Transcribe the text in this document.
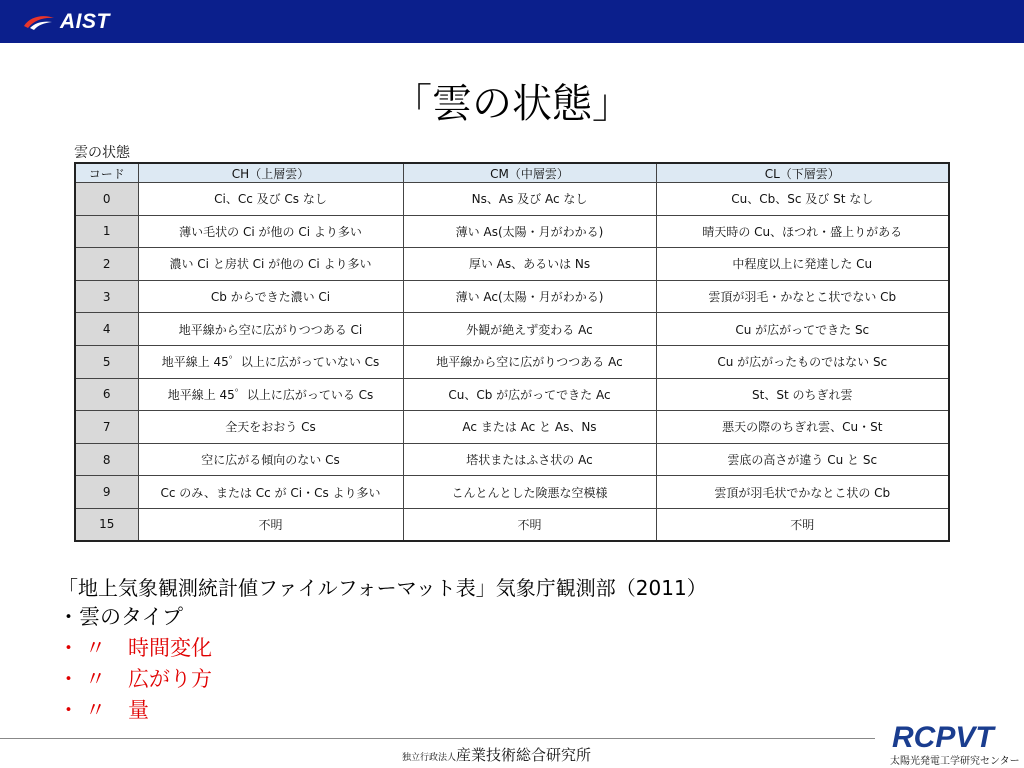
AIST
「雲の状態」
雲の状態
コード	CH（上層雲）	CM（中層雲）	CL（下層雲）
0	Ci、Cc 及び Cs なし	Ns、As 及び Ac なし	Cu、Cb、Sc 及び St なし
1	薄い毛状の Ci が他の Ci より多い	薄い As(太陽・月がわかる)	晴天時の Cu、ほつれ・盛上りがある
2	濃い Ci と房状 Ci が他の Ci より多い	厚い As、あるいは Ns	中程度以上に発達した Cu
3	Cb からできた濃い Ci	薄い Ac(太陽・月がわかる)	雲頂が羽毛・かなとこ状でない Cb
4	地平線から空に広がりつつある Ci	外観が絶えず変わる Ac	Cu が広がってできた Sc
5	地平線上 45゜以上に広がっていない Cs	地平線から空に広がりつつある Ac	Cu が広がったものではない Sc
6	地平線上 45゜以上に広がっている Cs	Cu、Cb が広がってできた Ac	St、St のちぎれ雲
7	全天をおおう Cs	Ac または Ac と As、Ns	悪天の際のちぎれ雲、Cu・St
8	空に広がる傾向のない Cs	塔状またはふさ状の Ac	雲底の高さが違う Cu と Sc
9	Cc のみ、または Cc が Ci・Cs より多い	こんとんとした険悪な空模様	雲頂が羽毛状でかなとこ状の Cb
15	不明	不明	不明
「地上気象観測統計値ファイルフォーマット表」気象庁観測部（2011）
・ 雲のタイプ
・ 〃 時間変化
・ 〃 広がり方
・ 〃 量
独立行政法人産業技術総合研究所
RCPVT
太陽光発電工学研究センター
